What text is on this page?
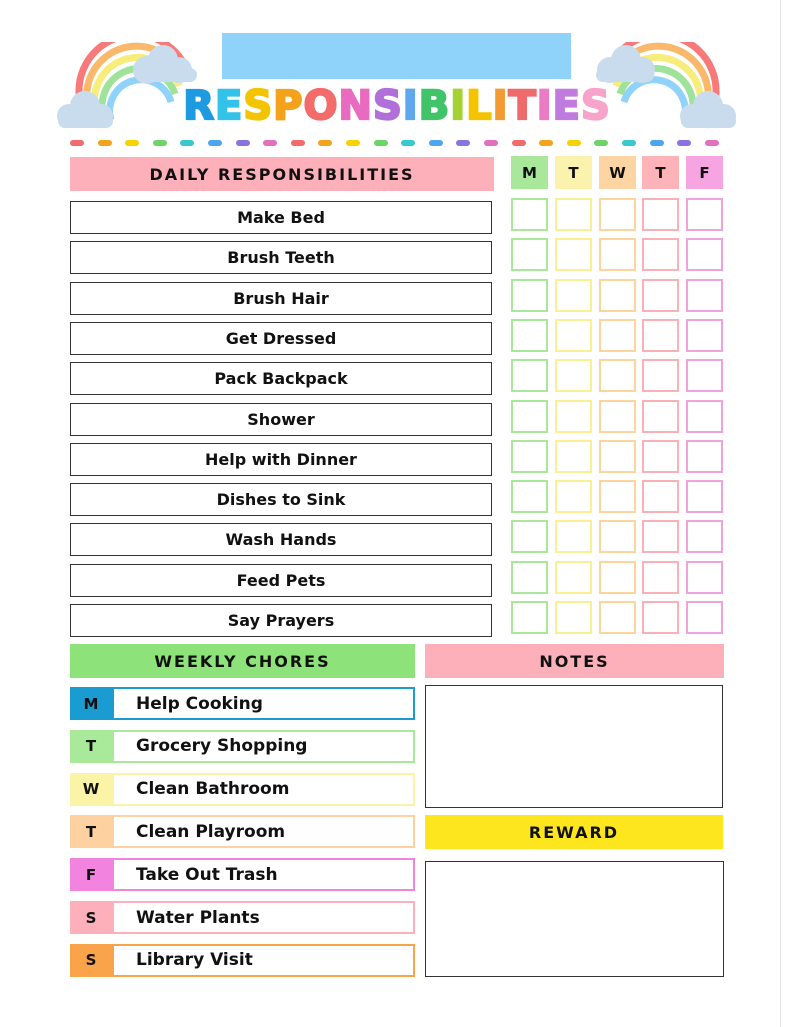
RESPONSIBILITIES
DAILY RESPONSIBILITIES
Make Bed
Brush Teeth
Brush Hair
Get Dressed
Pack Backpack
Shower
Help with Dinner
Dishes to Sink
Wash Hands
Feed Pets
Say Prayers
M	T	W	T	F
WEEKLY CHORES
M	Help Cooking
T	Grocery Shopping
W	Clean Bathroom
T	Clean Playroom
F	Take Out Trash
S	Water Plants
S	Library Visit
NOTES
REWARD
